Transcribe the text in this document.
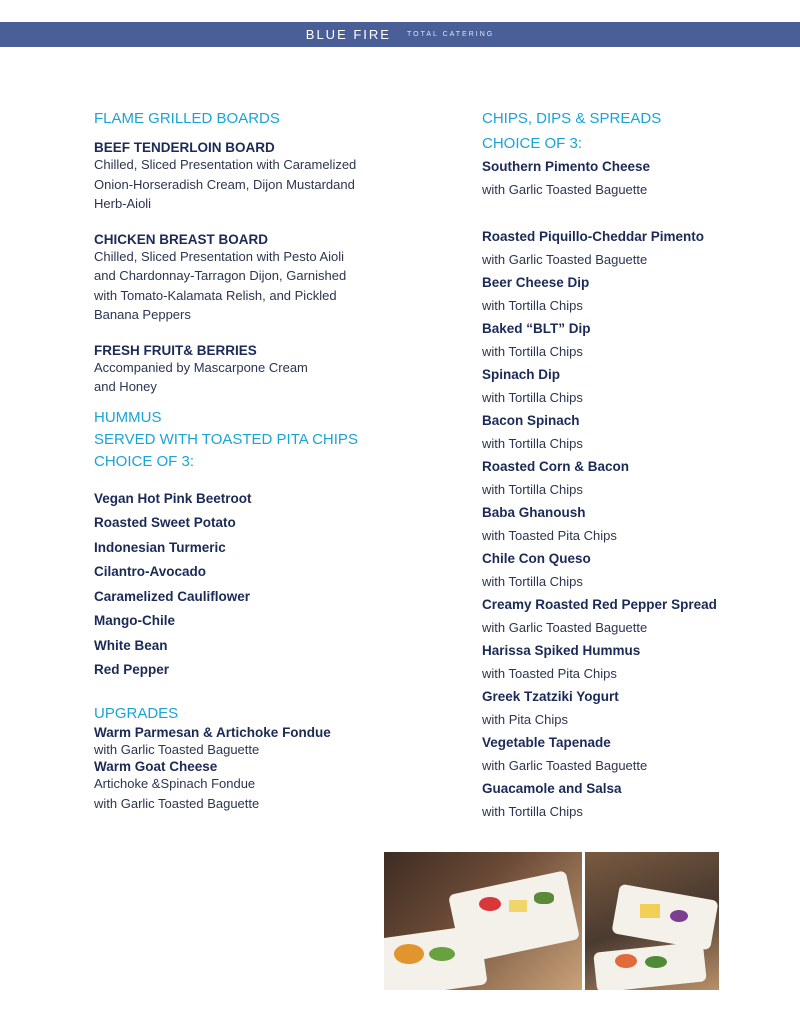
BLUE FIRE TOTAL CATERING
FLAME GRILLED BOARDS
BEEF TENDERLOIN BOARD
Chilled, Sliced Presentation with Caramelized
Onion-Horseradish Cream, Dijon Mustardand
Herb-Aioli
CHICKEN BREAST BOARD
Chilled, Sliced Presentation with Pesto Aioli
and Chardonnay-Tarragon Dijon, Garnished
with Tomato-Kalamata Relish, and Pickled
Banana Peppers
FRESH FRUIT& BERRIES
Accompanied by Mascarpone Cream
and Honey
HUMMUS
SERVED WITH TOASTED PITA CHIPS
CHOICE OF 3:
Vegan Hot Pink Beetroot
Roasted Sweet Potato
Indonesian Turmeric
Cilantro-Avocado
Caramelized Cauliflower
Mango-Chile
White Bean
Red Pepper
UPGRADES
Warm Parmesan & Artichoke Fondue
with Garlic Toasted Baguette
Warm Goat Cheese
Artichoke &Spinach Fondue
with Garlic Toasted Baguette
CHIPS, DIPS & SPREADS
CHOICE OF 3:
Southern Pimento Cheese
with Garlic Toasted Baguette
Roasted Piquillo-Cheddar Pimento
with Garlic Toasted Baguette
Beer Cheese Dip
with Tortilla Chips
Baked “BLT” Dip
with Tortilla Chips
Spinach Dip
with Tortilla Chips
Bacon Spinach
with Tortilla Chips
Roasted Corn & Bacon
with Tortilla Chips
Baba Ghanoush
with Toasted Pita Chips
Chile Con Queso
with Tortilla Chips
Creamy Roasted Red Pepper Spread
with Garlic Toasted Baguette
Harissa Spiked Hummus
with Toasted Pita Chips
Greek Tzatziki Yogurt
with Pita Chips
Vegetable Tapenade
with Garlic Toasted Baguette
Guacamole and Salsa
with Tortilla Chips
